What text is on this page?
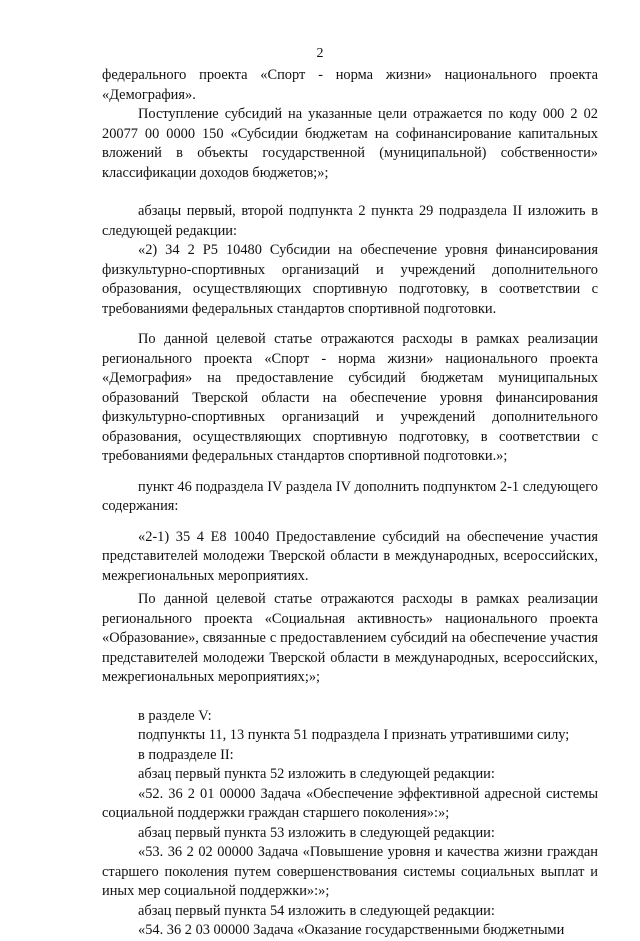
2

федерального проекта «Спорт - норма жизни» национального проекта «Демография».

Поступление субсидий на указанные цели отражается по коду 000 2 02 20077 00 0000 150 «Субсидии бюджетам на софинансирование капитальных вложений в объекты государственной (муниципальной) собственности» классификации доходов бюджетов;»;

абзацы первый, второй подпункта 2 пункта 29 подраздела II изложить в следующей редакции:

«2) 34 2 Р5 10480 Субсидии на обеспечение уровня финансирования физкультурно-спортивных организаций и учреждений дополнительного образования, осуществляющих спортивную подготовку, в соответствии с требованиями федеральных стандартов спортивной подготовки.

По данной целевой статье отражаются расходы в рамках реализации регионального проекта «Спорт - норма жизни» национального проекта «Демография» на предоставление субсидий бюджетам муниципальных образований Тверской области на обеспечение уровня финансирования физкультурно-спортивных организаций и учреждений дополнительного образования, осуществляющих спортивную подготовку, в соответствии с требованиями федеральных стандартов спортивной подготовки.»;

пункт 46 подраздела IV раздела IV дополнить подпунктом 2-1 следующего содержания:

«2-1) 35 4 Е8 10040 Предоставление субсидий на обеспечение участия представителей молодежи Тверской области в международных, всероссийских, межрегиональных мероприятиях.

По данной целевой статье отражаются расходы в рамках реализации регионального проекта «Социальная активность» национального проекта «Образование», связанные с предоставлением субсидий на обеспечение участия представителей молодежи Тверской области в международных, всероссийских, межрегиональных мероприятиях;»;

в разделе V:

подпункты 11, 13 пункта 51 подраздела I признать утратившими силу;

в подразделе II:

абзац первый пункта 52 изложить в следующей редакции:

«52. 36 2 01 00000 Задача «Обеспечение эффективной адресной системы социальной поддержки граждан старшего поколения»:»;

абзац первый пункта 53 изложить в следующей редакции:

«53. 36 2 02 00000 Задача «Повышение уровня и качества жизни граждан старшего поколения путем совершенствования системы социальных выплат и иных мер социальной поддержки»:»;

абзац первый пункта 54 изложить в следующей редакции:

«54. 36 2 03 00000 Задача «Оказание государственными бюджетными
